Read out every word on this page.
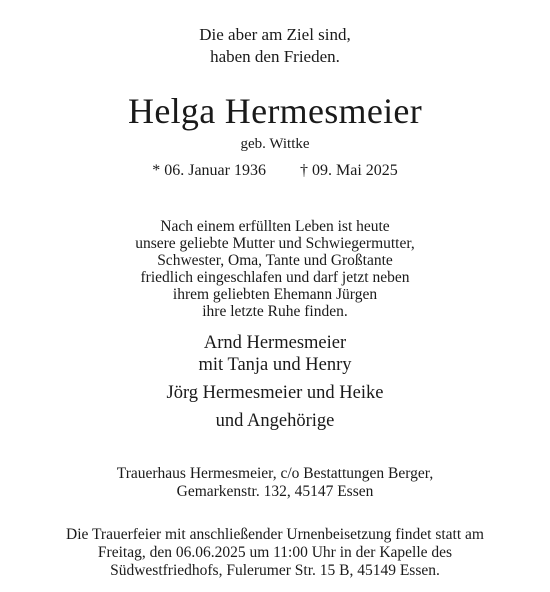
Die aber am Ziel sind,
haben den Frieden.
Helga Hermesmeier
geb. Wittke
* 06. Januar 1936 † 09. Mai 2025
Nach einem erfüllten Leben ist heute
unsere geliebte Mutter und Schwiegermutter,
Schwester, Oma, Tante und Großtante
friedlich eingeschlafen und darf jetzt neben
ihrem geliebten Ehemann Jürgen
ihre letzte Ruhe finden.
Arnd Hermesmeier
mit Tanja und Henry
Jörg Hermesmeier und Heike
und Angehörige
Trauerhaus Hermesmeier, c/o Bestattungen Berger,
Gemarkenstr. 132, 45147 Essen
Die Trauerfeier mit anschließender Urnenbeisetzung findet statt am
Freitag, den 06.06.2025 um 11:00 Uhr in der Kapelle des
Südwestfriedhofs, Fulerumer Str. 15 B, 45149 Essen.
